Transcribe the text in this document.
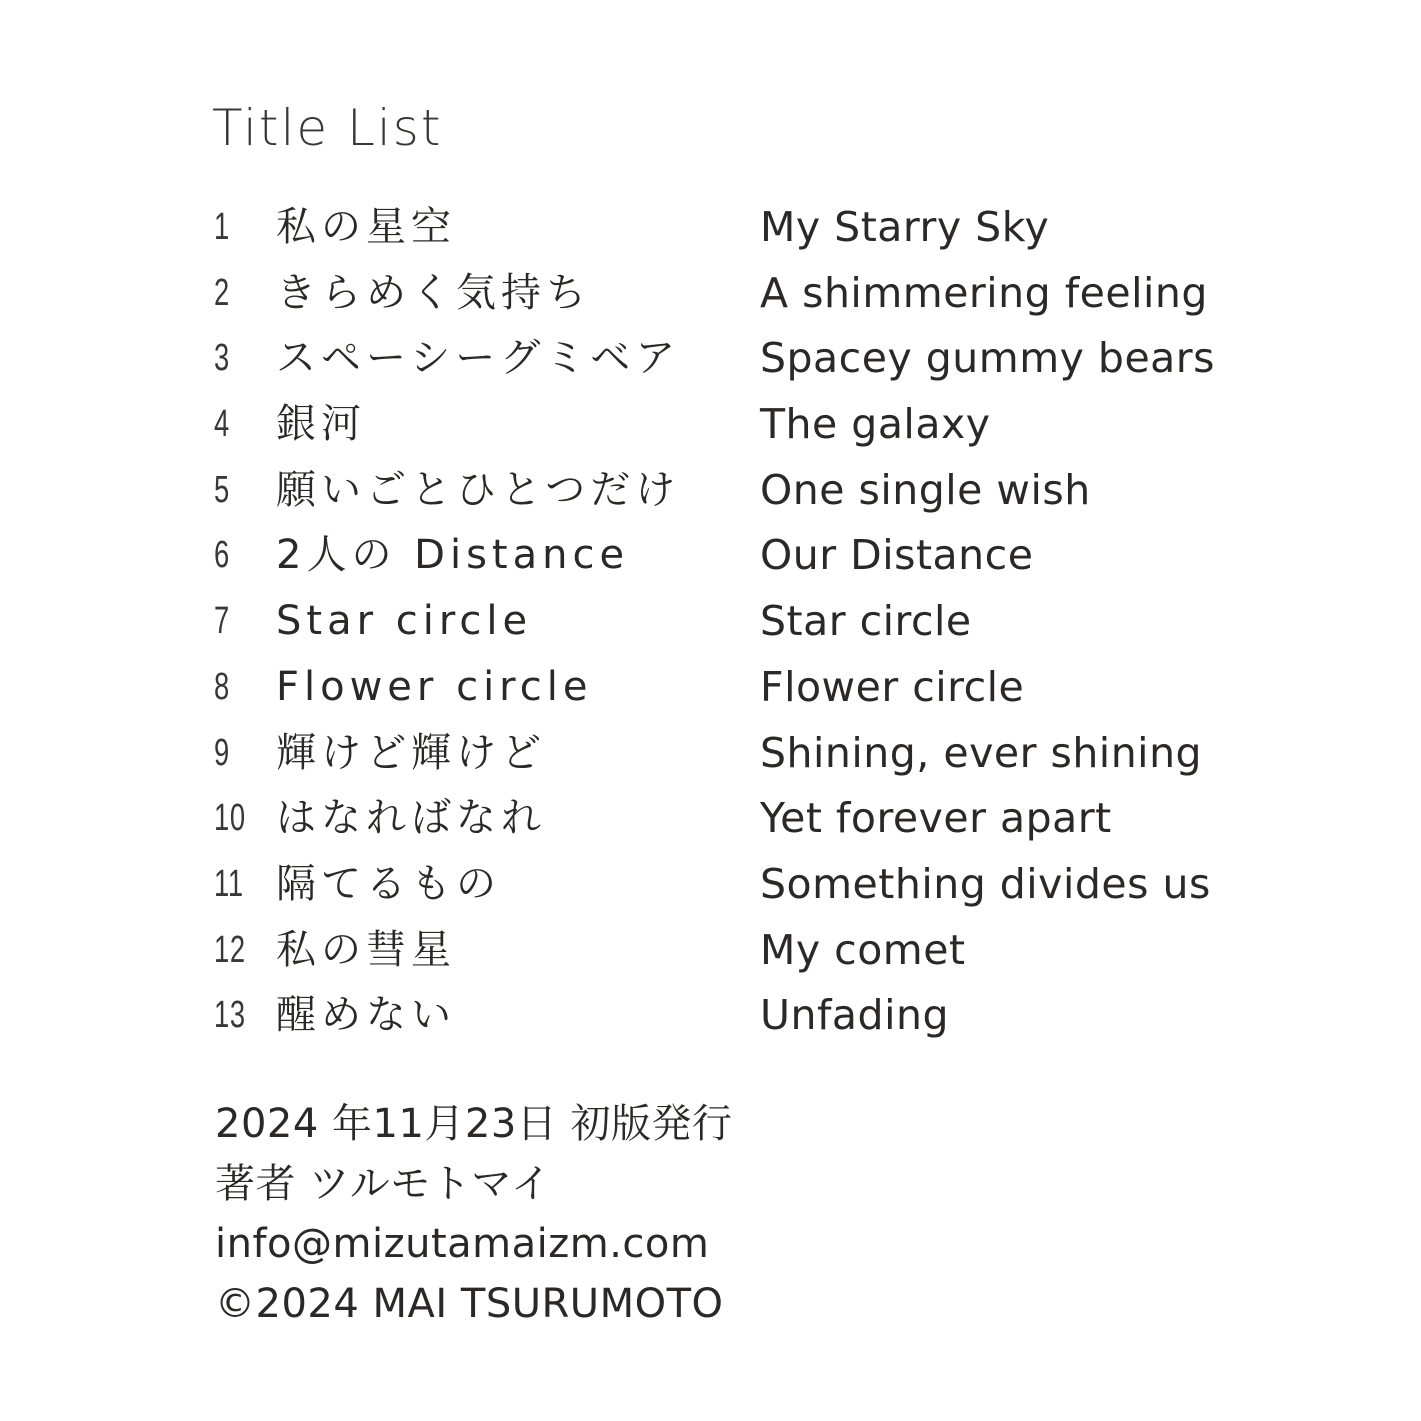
Title List
1 私の星空	My Starry Sky
2 きらめく気持ち	A shimmering feeling
3 スペーシーグミベア Spacey gummy bears
4 銀河	The galaxy
5 願いごとひとつだけ One single wish
6 2人の Distance	Our Distance
7 Star circle	Star circle
8 Flower circle	Flower circle
9 輝けど輝けど	Shining, ever shining
10 はなればなれ	Yet forever apart
11 隔てるもの	Something divides us
12 私の彗星	My comet
13 醒めない	Unfading
2024 年11月23日 初版発行
著者 ツルモトマイ
info@mizutamaizm.com
©2024 MAI TSURUMOTO
